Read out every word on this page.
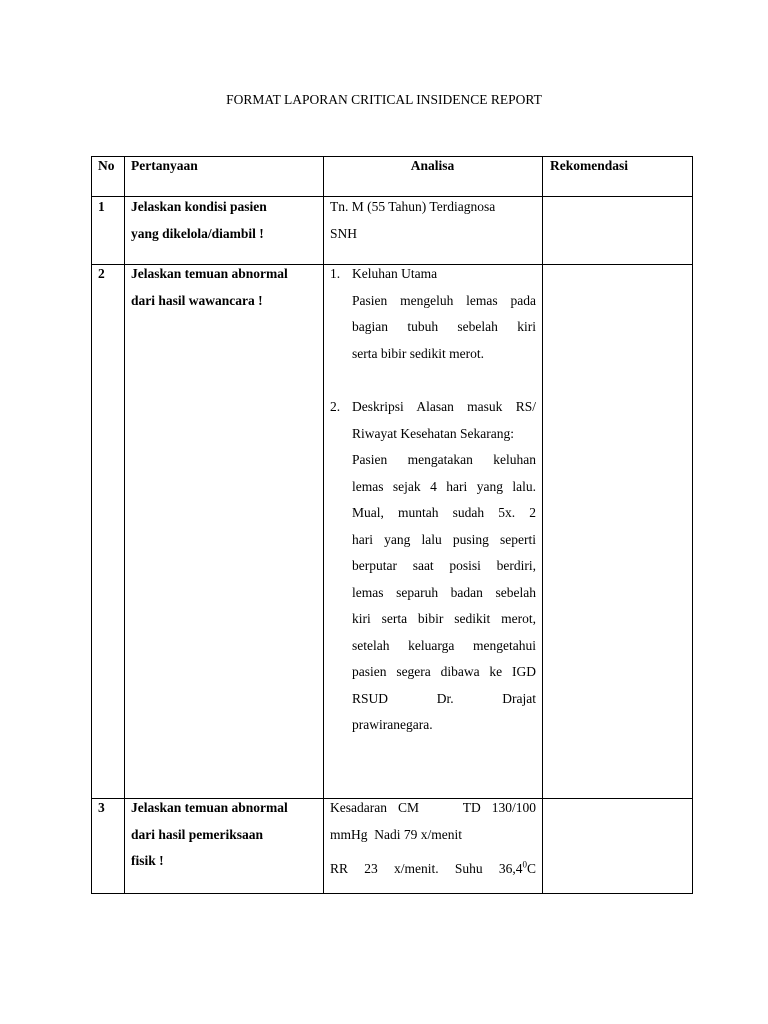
FORMAT LAPORAN CRITICAL INSIDENCE REPORT
No Pertanyaan	Analisa	Rekomendasi
1 Jelaskan kondisi pasien
yang dikelola/diambil !
Tn. M (55 Tahun) Terdiagnosa
SNH
2 Jelaskan temuan abnormal
dari hasil wawancara !
1. Keluhan Utama
Pasien mengeluh lemas pada
bagian tubuh sebelah kiri
serta bibir sedikit merot.
2. Deskripsi Alasan masuk RS/
Riwayat Kesehatan Sekarang:
Pasien mengatakan keluhan
lemas sejak 4 hari yang lalu.
Mual, muntah sudah 5x. 2
hari yang lalu pusing seperti
berputar saat posisi berdiri,
lemas separuh badan sebelah
kiri serta bibir sedikit merot,
setelah keluarga mengetahui
pasien segera dibawa ke IGD
RSUD Dr. Drajat
prawiranegara.
3 Jelaskan temuan abnormal
dari hasil pemeriksaan
fisik !
Kesadaran CM    TD 130/100
mmHg  Nadi 79 x/menit
RR 23 x/menit. Suhu 36,4$^0$C
